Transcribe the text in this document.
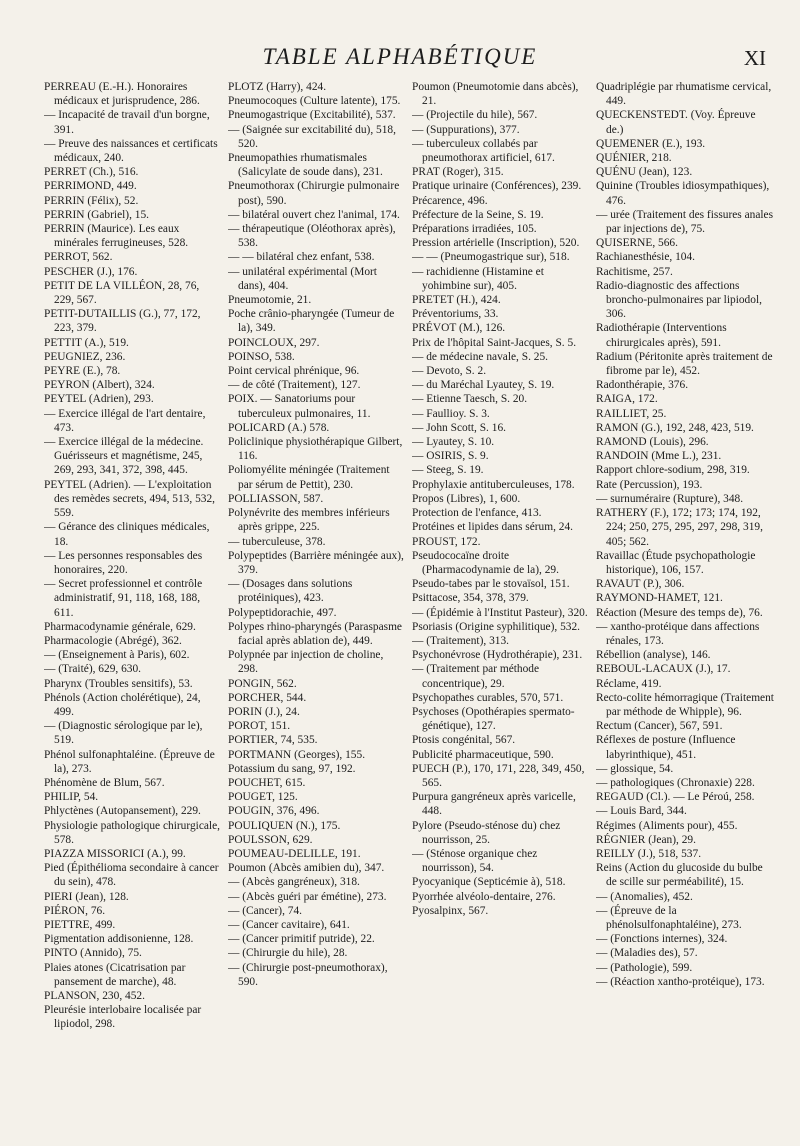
TABLE ALPHABÉTIQUE	XI

PERREAU (E.-H.). Honoraires médicaux et jurisprudence, 286.

— Incapacité de travail d'un borgne, 391.

— Preuve des naissances et certificats médicaux, 240.

PERRET (Ch.), 516.

PERRIMOND, 449.

PERRIN (Félix), 52.

PERRIN (Gabriel), 15.

PERRIN (Maurice). Les eaux minérales ferrugineuses, 528.

PERROT, 562.

PESCHER (J.), 176.

PETIT DE LA VILLÉON, 28, 76, 229, 567.

PETIT-DUTAILLIS (G.), 77, 172, 223, 379.

PETTIT (A.), 519.

PEUGNIEZ, 236.

PEYRE (E.), 78.

PEYRON (Albert), 324.

PEYTEL (Adrien), 293.

— Exercice illégal de l'art dentaire, 473.

— Exercice illégal de la médecine. Guérisseurs et magnétisme, 245, 269, 293, 341, 372, 398, 445.

PEYTEL (Adrien). — L'exploitation des remèdes secrets, 494, 513, 532, 559.

— Gérance des cliniques médicales, 18.

— Les personnes responsables des honoraires, 220.

— Secret professionnel et contrôle administratif, 91, 118, 168, 188, 611.

Pharmacodynamie générale, 629.

Pharmacologie (Abrégé), 362.

— (Enseignement à Paris), 602.

— (Traité), 629, 630.

Pharynx (Troubles sensitifs), 53.

Phénols (Action cholérétique), 24, 499.

— (Diagnostic sérologique par le), 519.

Phénol sulfonaphtaléine. (Épreuve de la), 273.

Phénomène de Blum, 567.

PHILIP, 54.

Phlyctènes (Autopansement), 229.

Physiologie pathologique chirurgicale, 578.

PIAZZA MISSORICI (A.), 99.

Pied (Épithélioma secondaire à cancer du sein), 478.

PIERI (Jean), 128.

PIÉRON, 76.

PIETTRE, 499.

Pigmentation addisonienne, 128.

PINTO (Annido), 75.

Plaies atones (Cicatrisation par pansement de marche), 48.

PLANSON, 230, 452.

Pleurésie interlobaire localisée par lipiodol, 298.

PLOTZ (Harry), 424.

Pneumocoques (Culture latente), 175.

Pneumogastrique (Excitabilité), 537.

— (Saignée sur excitabilité du), 518, 520.

Pneumopathies rhumatismales (Salicylate de soude dans), 231.

Pneumothorax (Chirurgie pulmonaire post), 590.

— bilatéral ouvert chez l'animal, 174.

— thérapeutique (Oléothorax après), 538.

— — bilatéral chez enfant, 538.

— unilatéral expérimental (Mort dans), 404.

Pneumotomie, 21.

Poche crânio-pharyngée (Tumeur de la), 349.

POINCLOUX, 297.

POINSO, 538.

Point cervical phrénique, 96.

— de côté (Traitement), 127.

POIX. — Sanatoriums pour tuberculeux pulmonaires, 11.

POLICARD (A.) 578.

Policlinique physiothérapique Gilbert, 116.

Poliomyélite méningée (Traitement par sérum de Pettit), 230.

POLLIASSON, 587.

Polynévrite des membres inférieurs après grippe, 225.

— tuberculeuse, 378.

Polypeptides (Barrière méningée aux), 379.

— (Dosages dans solutions protéiniques), 423.

Polypeptidorachie, 497.

Polypes rhino-pharyngés (Paraspasme facial après ablation de), 449.

Polypnée par injection de choline, 298.

PONGIN, 562.

PORCHER, 544.

PORIN (J.), 24.

POROT, 151.

PORTIER, 74, 535.

PORTMANN (Georges), 155.

Potassium du sang, 97, 192.

POUCHET, 615.

POUGET, 125.

POUGIN, 376, 496.

POULIQUEN (N.), 175.

POULSSON, 629.

POUMEAU-DELILLE, 191.

Poumon (Abcès amibien du), 347.

— (Abcès gangréneux), 318.

— (Abcès guéri par émétine), 273.

— (Cancer), 74.

— (Cancer cavitaire), 641.

— (Cancer primitif putride), 22.

— (Chirurgie du hile), 28.

— (Chirurgie post-pneumothorax), 590.

Poumon (Pneumotomie dans abcès), 21.

— (Projectile du hile), 567.

— (Suppurations), 377.

— tuberculeux collabés par pneumothorax artificiel, 617.

PRAT (Roger), 315.

Pratique urinaire (Conférences), 239.

Précarence, 496.

Préfecture de la Seine, S. 19.

Préparations irradiées, 105.

Pression artérielle (Inscription), 520.

— — (Pneumogastrique sur), 518.

— rachidienne (Histamine et yohimbine sur), 405.

PRETET (H.), 424.

Préventoriums, 33.

PRÉVOT (M.), 126.

Prix de l'hôpital Saint-Jacques, S. 5.

— de médecine navale, S. 25.

— Devoto, S. 2.

— du Maréchal Lyautey, S. 19.

— Etienne Taesch, S. 20.

— Faullioy. S. 3.

— John Scott, S. 16.

— Lyautey, S. 10.

— OSIRIS, S. 9.

— Steeg, S. 19.

Prophylaxie antituberculeuses, 178.

Propos (Libres), 1, 600.

Protection de l'enfance, 413.

Protéines et lipides dans sérum, 24.

PROUST, 172.

Pseudococaïne droite (Pharmacodynamie de la), 29.

Pseudo-tabes par le stovaïsol, 151.

Psittacose, 354, 378, 379.

— (Épidémie à l'Institut Pasteur), 320.

Psoriasis (Origine syphilitique), 532.

— (Traitement), 313.

Psychonévrose (Hydrothérapie), 231.

— (Traitement par méthode concentrique), 29.

Psychopathes curables, 570, 571.

Psychoses (Opothérapies spermato-génétique), 127.

Ptosis congénital, 567.

Publicité pharmaceutique, 590.

PUECH (P.), 170, 171, 228, 349, 450, 565.

Purpura gangréneux après varicelle, 448.

Pylore (Pseudo-sténose du) chez nourrisson, 25.

— (Sténose organique chez nourrisson), 54.

Pyocyanique (Septicémie à), 518.

Pyorrhée alvéolo-dentaire, 276.

Pyosalpinx, 567.

Quadriplégie par rhumatisme cervical, 449.

QUECKENSTEDT. (Voy. Épreuve de.)

QUEMENER (E.), 193.

QUÉNIER, 218.

QUÉNU (Jean), 123.

Quinine (Troubles idiosympathiques), 476.

— urée (Traitement des fissures anales par injections de), 75.

QUISERNE, 566.

Rachianesthésie, 104.

Rachitisme, 257.

Radio-diagnostic des affections broncho-pulmonaires par lipiodol, 306.

Radiothérapie (Interventions chirurgicales après), 591.

Radium (Péritonite après traitement de fibrome par le), 452.

Radonthérapie, 376.

RAIGA, 172.

RAILLIET, 25.

RAMON (G.), 192, 248, 423, 519.

RAMOND (Louis), 296.

RANDOIN (Mme L.), 231.

Rapport chlore-sodium, 298, 319.

Rate (Percussion), 193.

— surnuméraire (Rupture), 348.

RATHERY (F.), 172; 173; 174, 192, 224; 250, 275, 295, 297, 298, 319, 405; 562.

Ravaillac (Étude psychopathologie historique), 106, 157.

RAVAUT (P.), 306.

RAYMOND-HAMET, 121.

Réaction (Mesure des temps de), 76.

— xantho-protéique dans affections rénales, 173.

Rébellion (analyse), 146.

REBOUL-LACAUX (J.), 17.

Réclame, 419.

Recto-colite hémorragique (Traitement par méthode de Whipple), 96.

Rectum (Cancer), 567, 591.

Réflexes de posture (Influence labyrinthique), 451.

— glossique, 54.

— pathologiques (Chronaxie) 228.

REGAUD (Cl.). — Le Péroú, 258.

— Louis Bard, 344.

Régimes (Aliments pour), 455.

RÉGNIER (Jean), 29.

REILLY (J.), 518, 537.

Reins (Action du glucoside du bulbe de scille sur perméabilité), 15.

— (Anomalies), 452.

— (Épreuve de la phénolsulfonaphtaléine), 273.

— (Fonctions internes), 324.

— (Maladies des), 57.

— (Pathologie), 599.

— (Réaction xantho-protéique), 173.
